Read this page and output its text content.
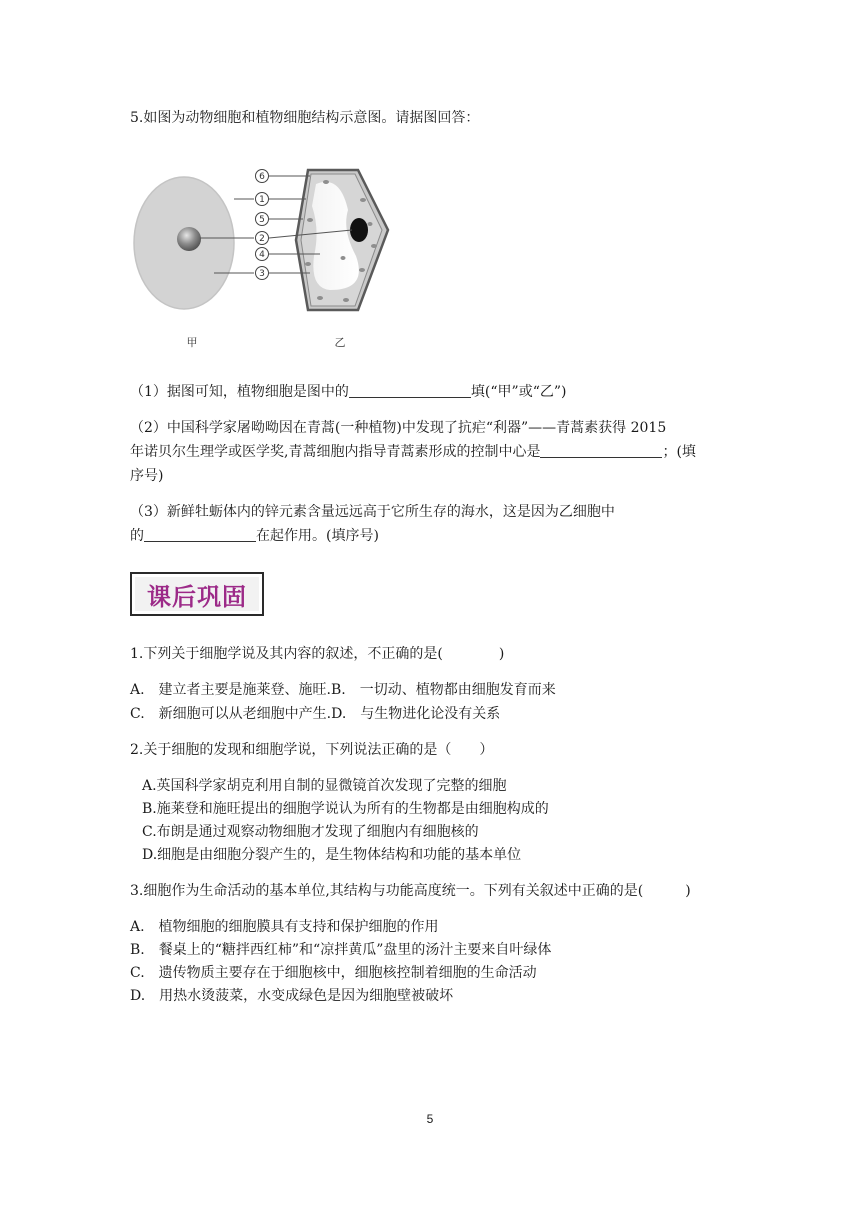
5.如图为动物细胞和植物细胞结构示意图。请据图回答：
6
1
5
2
4
3
甲	乙
（1）据图可知，植物细胞是图中的	填(“甲”或“乙”)
（2）中国科学家屠呦呦因在青蒿(一种植物)中发现了抗疟“利器”——青蒿素获得 2015
年诺贝尔生理学或医学奖,青蒿细胞内指导青蒿素形成的控制中心是	；(填
序号)
（3）新鲜牡蛎体内的锌元素含量远远高于它所生存的海水，这是因为乙细胞中
的	在起作用。(填序号)
课后巩固
1.下列关于细胞学说及其内容的叙述，不正确的是(　　　　)
A.　建立者主要是施莱登、施旺.B.　一切动、植物都由细胞发育而来
C.　新细胞可以从老细胞中产生.D.　与生物进化论没有关系
2.关于细胞的发现和细胞学说，下列说法正确的是（　　）
A.英国科学家胡克利用自制的显微镜首次发现了完整的细胞
B.施莱登和施旺提出的细胞学说认为所有的生物都是由细胞构成的
C.布朗是通过观察动物细胞才发现了细胞内有细胞核的
D.细胞是由细胞分裂产生的，是生物体结构和功能的基本单位
3.细胞作为生命活动的基本单位,其结构与功能高度统一。下列有关叙述中正确的是(　　　)
A.　植物细胞的细胞膜具有支持和保护细胞的作用
B.　餐桌上的“糖拌西红柿”和“凉拌黄瓜”盘里的汤汁主要来自叶绿体
C.　遗传物质主要存在于细胞核中，细胞核控制着细胞的生命活动
D.　用热水烫菠菜，水变成绿色是因为细胞壁被破坏
5
